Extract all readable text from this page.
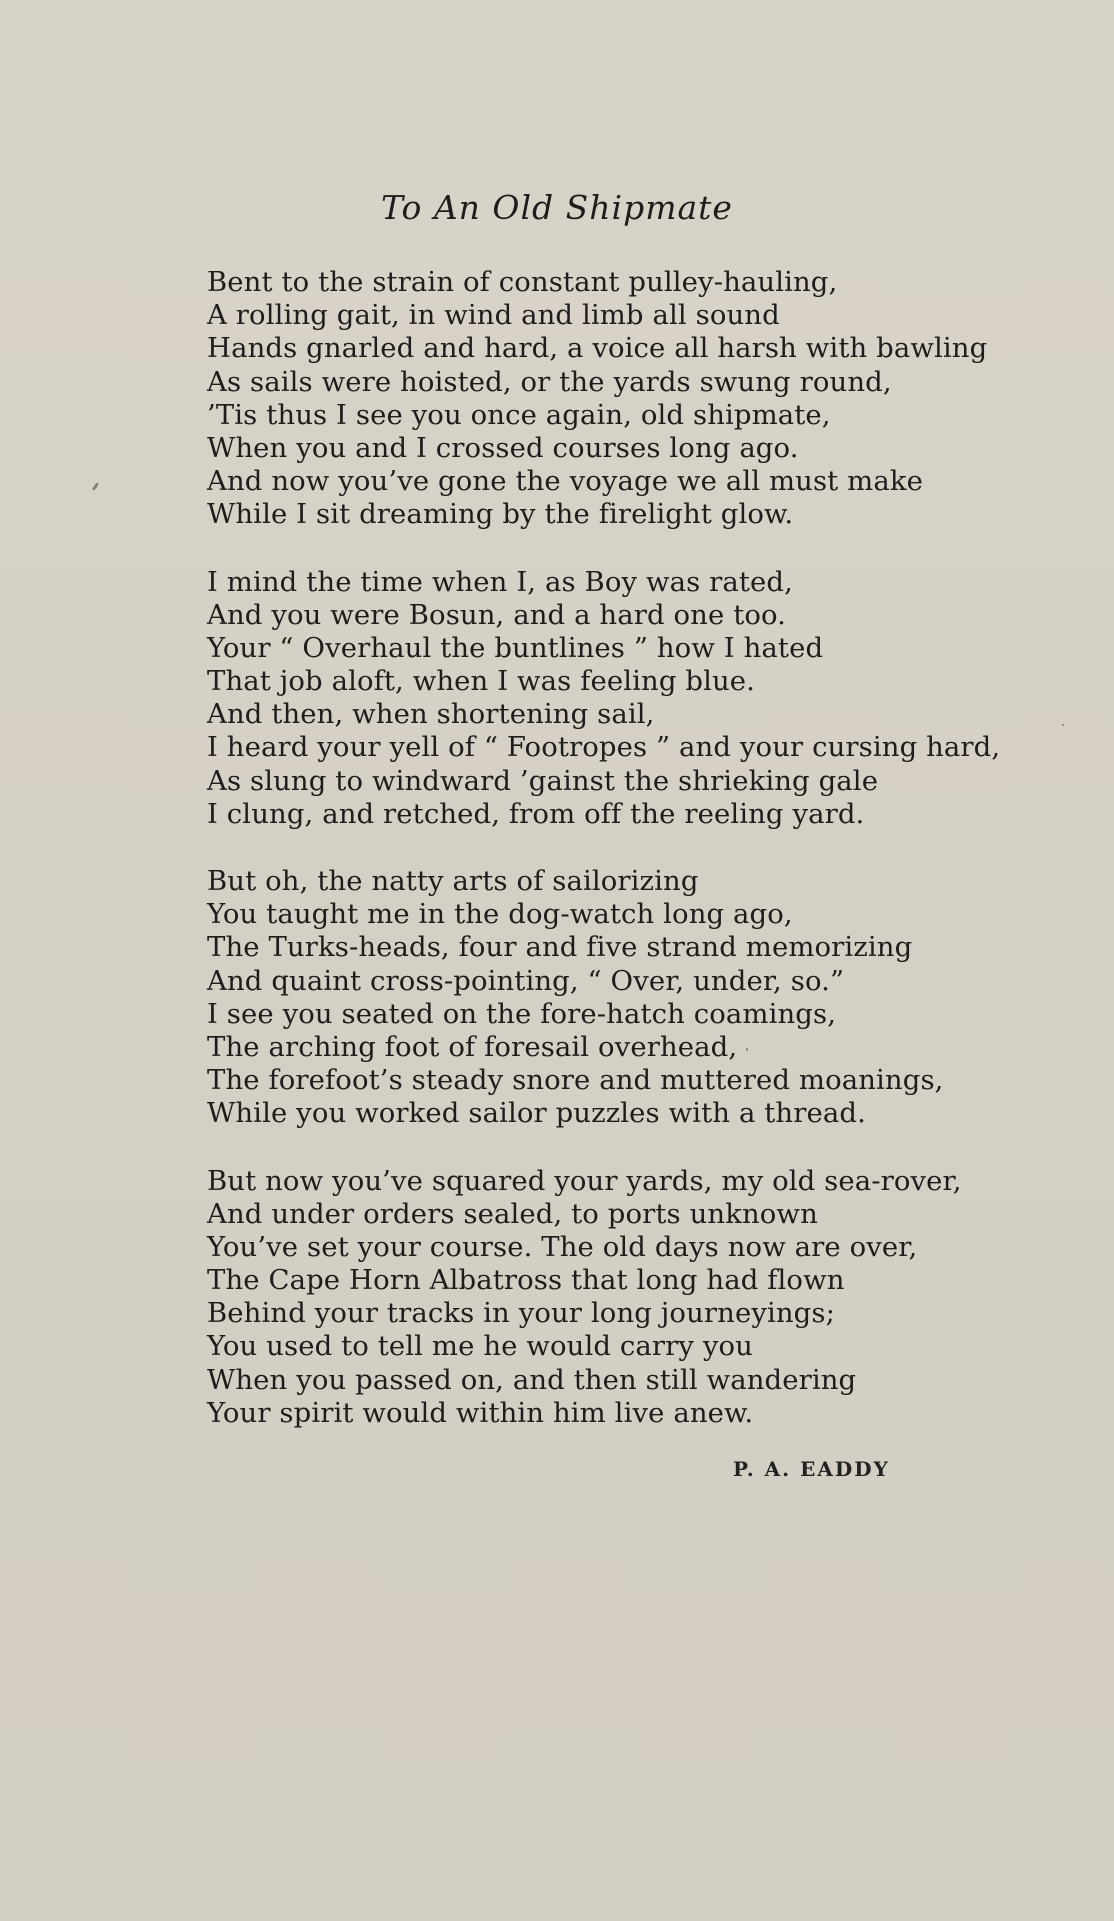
To An Old Shipmate
Bent to the strain of constant pulley-hauling,
A rolling gait, in wind and limb all sound
Hands gnarled and hard, a voice all harsh with bawling
As sails were hoisted, or the yards swung round,
’Tis thus I see you once again, old shipmate,
When you and I crossed courses long ago.
And now you’ve gone the voyage we all must make
While I sit dreaming by the firelight glow.
I mind the time when I, as Boy was rated,
And you were Bosun, and a hard one too.
Your “ Overhaul the buntlines ” how I hated
That job aloft, when I was feeling blue.
And then, when shortening sail,
I heard your yell of “ Footropes ” and your cursing hard,
As slung to windward ’gainst the shrieking gale
I clung, and retched, from off the reeling yard.
But oh, the natty arts of sailorizing
You taught me in the dog-watch long ago,
The Turks-heads, four and five strand memorizing
And quaint cross-pointing, “ Over, under, so.”
I see you seated on the fore-hatch coamings,
The arching foot of foresail overhead,
The forefoot’s steady snore and muttered moanings,
While you worked sailor puzzles with a thread.
But now you’ve squared your yards, my old sea-rover,
And under orders sealed, to ports unknown
You’ve set your course. The old days now are over,
The Cape Horn Albatross that long had flown
Behind your tracks in your long journeyings;
You used to tell me he would carry you
When you passed on, and then still wandering
Your spirit would within him live anew.
P. A. EADDY
